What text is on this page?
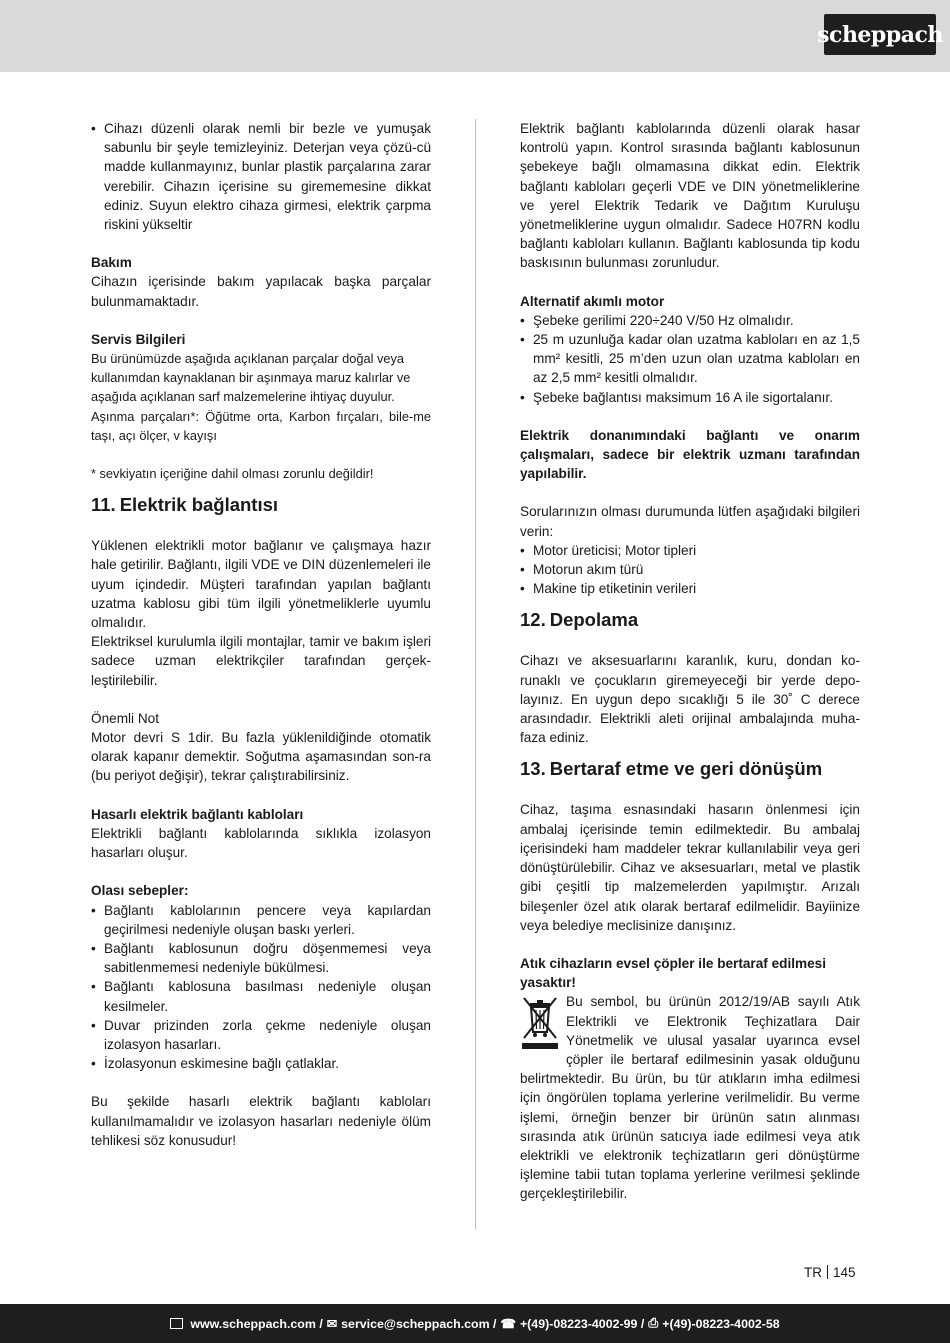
scheppach
• Cihazı düzenli olarak nemli bir bezle ve yumuşak sabunlu bir şeyle temizleyiniz. Deterjan veya çözü-cü madde kullanmayınız, bunlar plastik parçalarına zarar verebilir. Cihazın içerisine su girememesine dikkat ediniz. Suyun elektro cihaza girmesi, elektrik çarpma riskini yükseltir

Bakım

Cihazın içerisinde bakım yapılacak başka parçalar bulunmamaktadır.

Servis Bilgileri

Bu ürünümüzde aşağıda açıklanan parçalar doğal veya kullanımdan kaynaklanan bir aşınmaya maruz kalırlar ve aşağıda açıklanan sarf malzemelerine ihtiyaç duyulur.

Aşınma parçaları*: Öğütme orta, Karbon fırçaları, bile-me taşı, açı ölçer, v kayışı

* sevkiyatın içeriğine dahil olması zorunlu değildir!

11. Elektrik bağlantısı

Yüklenen elektrikli motor bağlanır ve çalışmaya hazır hale getirilir. Bağlantı, ilgili VDE ve DIN düzenlemeleri ile uyum içindedir. Müşteri tarafından yapılan bağlantı uzatma kablosu gibi tüm ilgili yönetmeliklerle uyumlu olmalıdır.

Elektriksel kurulumla ilgili montajlar, tamir ve bakım işleri sadece uzman elektrikçiler tarafından gerçek-leştirilebilir.

Önemli Not

Motor devri S 1dir. Bu fazla yüklenildiğinde otomatik olarak kapanır demektir. Soğutma aşamasından son-ra (bu periyot değişir), tekrar çalıştırabilirsiniz.

Hasarlı elektrik bağlantı kabloları

Elektrikli bağlantı kablolarında sıklıkla izolasyon hasarları oluşur.

Olası sebepler:

• Bağlantı kablolarının pencere veya kapılardan geçirilmesi nedeniyle oluşan baskı yerleri.
• Bağlantı kablosunun doğru döşenmemesi veya sabitlenmemesi nedeniyle bükülmesi.
• Bağlantı kablosuna basılması nedeniyle oluşan kesilmeler.
• Duvar prizinden zorla çekme nedeniyle oluşan izolasyon hasarları.
• İzolasyonun eskimesine bağlı çatlaklar.

Bu şekilde hasarlı elektrik bağlantı kabloları kullanılmamalıdır ve izolasyon hasarları nedeniyle ölüm tehlikesi söz konusudur!

Elektrik bağlantı kablolarında düzenli olarak hasar kontrolü yapın. Kontrol sırasında bağlantı kablosunun şebekeye bağlı olmamasına dikkat edin. Elektrik bağlantı kabloları geçerli VDE ve DIN yönetmeliklerine ve yerel Elektrik Tedarik ve Dağıtım Kuruluşu yönetmeliklerine uygun olmalıdır. Sadece H07RN kodlu bağlantı kabloları kullanın. Bağlantı kablosunda tip kodu baskısının bulunması zorunludur.

Alternatif akımlı motor

• Şebeke gerilimi 220÷240 V/50 Hz olmalıdır.
• 25 m uzunluğa kadar olan uzatma kabloları en az 1,5 mm² kesitli, 25 m’den uzun olan uzatma kabloları en az 2,5 mm² kesitli olmalıdır.
• Şebeke bağlantısı maksimum 16 A ile sigortalanır.

Elektrik donanımındaki bağlantı ve onarım çalışmaları, sadece bir elektrik uzmanı tarafından yapılabilir.

Sorularınızın olması durumunda lütfen aşağıdaki bilgileri verin:

• Motor üreticisi; Motor tipleri
• Motorun akım türü
• Makine tip etiketinin verileri
12. Depolama

Cihazı ve aksesuarlarını karanlık, kuru, dondan ko-runaklı ve çocukların giremeyeceği bir yerde depo-layınız. En uygun depo sıcaklığı 5 ile 30˚ C derece arasındadır. Elektrikli aleti orijinal ambalajında muha-faza ediniz.

13. Bertaraf etme ve geri dönüşüm

Cihaz, taşıma esnasındaki hasarın önlenmesi için ambalaj içerisinde temin edilmektedir. Bu ambalaj içerisindeki ham maddeler tekrar kullanılabilir veya geri dönüştürülebilir. Cihaz ve aksesuarları, metal ve plastik gibi çeşitli tip malzemelerden yapılmıştır. Arızalı bileşenler özel atık olarak bertaraf edilmelidir. Bayiinize veya belediye meclisinize danışınız.

Atık cihazların evsel çöpler ile bertaraf edilmesi yasaktır!

Bu sembol, bu ürünün 2012/19/AB sayılı Atık Elektrikli ve Elektronik Teçhizatlara Dair Yönetmelik ve ulusal yasalar uyarınca evsel çöpler ile bertaraf edilmesinin yasak olduğunu belirtmektedir. Bu ürün, bu tür atıkların imha edilmesi için öngörülen toplama yerlerine verilmelidir. Bu verme işlemi, örneğin benzer bir ürünün satın alınması sırasında atık ürünün satıcıya iade edilmesi veya atık elektrikli ve elektronik teçhizatların geri dönüştürme işlemine tabii tutan toplama yerlerine verilmesi şeklinde gerçekleştirilebilir.

TR 145
www.scheppach.com / ✉ service@scheppach.com / ☎ +(49)-08223-4002-99 / ⎙ +(49)-08223-4002-58
